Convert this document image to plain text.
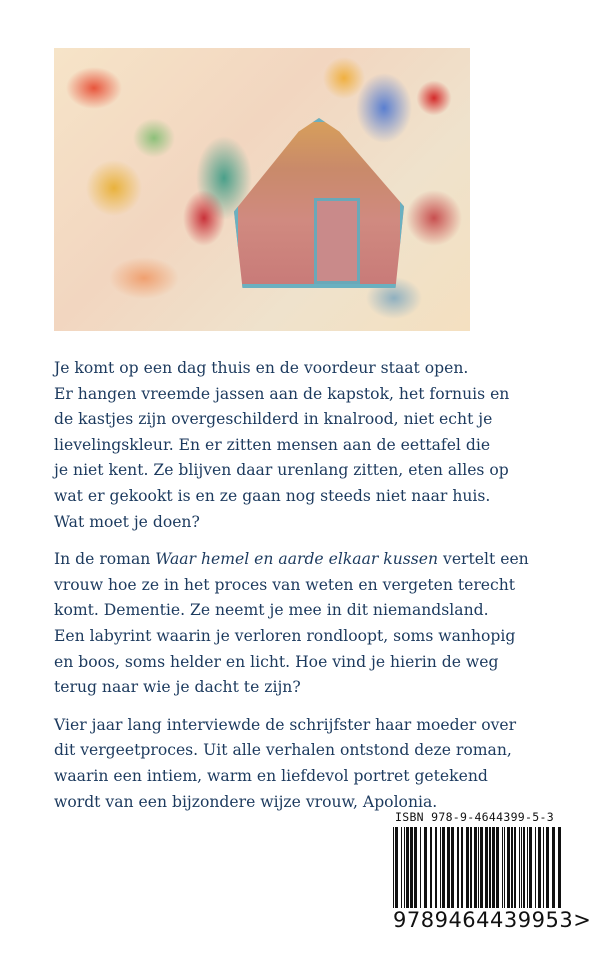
Je komt op een dag thuis en de voordeur staat open.
Er hangen vreemde jassen aan de kapstok, het fornuis en
de kastjes zijn overgeschilderd in knalrood, niet echt je
lievelingskleur. En er zitten mensen aan de eettafel die
je niet kent. Ze blijven daar urenlang zitten, eten alles op
wat er gekookt is en ze gaan nog steeds niet naar huis.
Wat moet je doen?

In de roman Waar hemel en aarde elkaar kussen vertelt een
vrouw hoe ze in het proces van weten en vergeten terecht
komt. Dementie. Ze neemt je mee in dit niemandsland.
Een labyrint waarin je verloren rondloopt, soms wanhopig
en boos, soms helder en licht. Hoe vind je hierin de weg
terug naar wie je dacht te zijn?

Vier jaar lang interviewde de schrijfster haar moeder over
dit vergeetproces. Uit alle verhalen ontstond deze roman,
waarin een intiem, warm en liefdevol portret getekend
wordt van een bijzondere wijze vrouw, Apolonia.

ISBN 978-9-4644399-5-3
9789464439953>
